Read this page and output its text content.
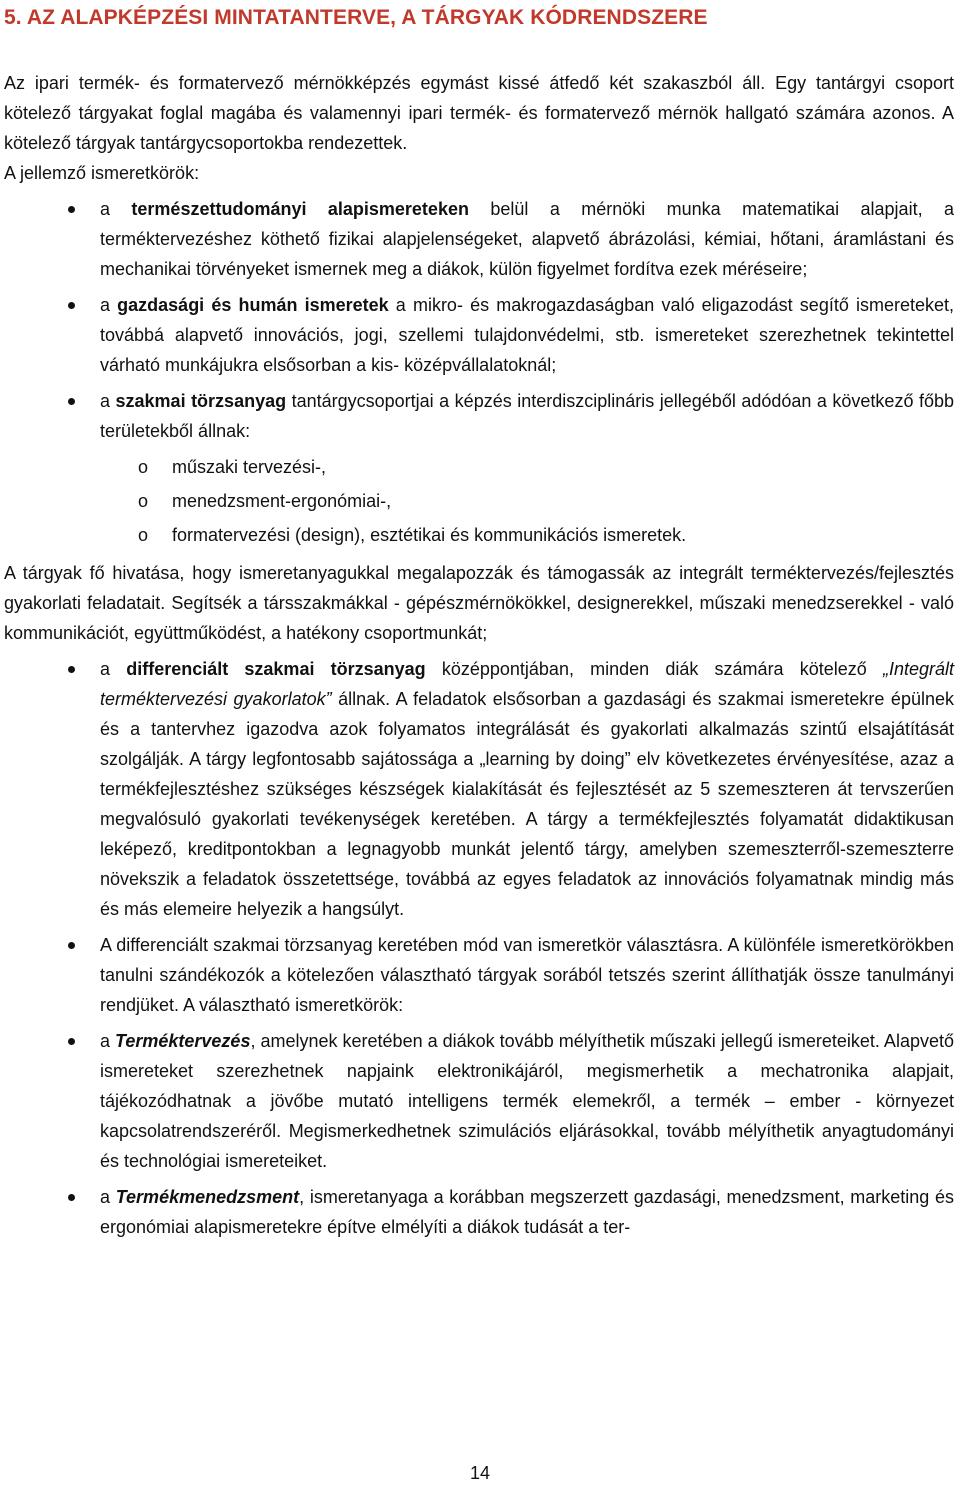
5. AZ ALAPKÉPZÉSI MINTATANTERVE, A TÁRGYAK KÓDRENDSZERE

Az ipari termék- és formatervező mérnökképzés egymást kissé átfedő két szakaszból áll. Egy tantárgyi csoport kötelező tárgyakat foglal magába és valamennyi ipari termék- és formatervező mérnök hallgató számára azonos. A kötelező tárgyak tantárgycsoportokba rendezettek.

A jellemző ismeretkörök:

a természettudományi alapismereteken belül a mérnöki munka matematikai alapjait, a terméktervezéshez köthető fizikai alapjelenségeket, alapvető ábrázolási, kémiai, hőtani, áramlástani és mechanikai törvényeket ismernek meg a diákok, külön figyelmet fordítva ezek méréseire;
a gazdasági és humán ismeretek a mikro- és makrogazdaságban való eligazodást segítő ismereteket, továbbá alapvető innovációs, jogi, szellemi tulajdonvédelmi, stb. ismereteket szerezhetnek tekintettel várható munkájukra elsősorban a kis- középvállalatoknál;
a szakmai törzsanyag tantárgycsoportjai a képzés interdiszciplináris jellegéből adódóan a következő főbb területekből állnak:
o műszaki tervezési-,
o menedzsment-ergonómiai-,
o formatervezési (design), esztétikai és kommunikációs ismeretek.

A tárgyak fő hivatása, hogy ismeretanyagukkal megalapozzák és támogassák az integrált terméktervezés/fejlesztés gyakorlati feladatait. Segítsék a társszakmákkal - gépészmérnökökkel, designerekkel, műszaki menedzserekkel - való kommunikációt, együttműködést, a hatékony csoportmunkát;

a differenciált szakmai törzsanyag középpontjában, minden diák számára kötelező „Integrált terméktervezési gyakorlatok” állnak. A feladatok elsősorban a gazdasági és szakmai ismeretekre épülnek és a tantervhez igazodva azok folyamatos integrálását és gyakorlati alkalmazás szintű elsajátítását szolgálják. A tárgy legfontosabb sajátossága a „learning by doing” elv következetes érvényesítése, azaz a termékfejlesztéshez szükséges készségek kialakítását és fejlesztését az 5 szemeszteren át tervszerűen megvalósuló gyakorlati tevékenységek keretében. A tárgy a termékfejlesztés folyamatát didaktikusan leképező, kreditpontokban a legnagyobb munkát jelentő tárgy, amelyben szemeszterről-szemeszterre növekszik a feladatok összetettsége, továbbá az egyes feladatok az innovációs folyamatnak mindig más és más elemeire helyezik a hangsúlyt.
A differenciált szakmai törzsanyag keretében mód van ismeretkör választásra. A különféle ismeretkörökben tanulni szándékozók a kötelezően választható tárgyak sorából tetszés szerint állíthatják össze tanulmányi rendjüket. A választható ismeretkörök:
a Terméktervezés, amelynek keretében a diákok tovább mélyíthetik műszaki jellegű ismereteiket. Alapvető ismereteket szerezhetnek napjaink elektronikájáról, megismerhetik a mechatronika alapjait, tájékozódhatnak a jövőbe mutató intelligens termék elemekről, a termék – ember - környezet kapcsolatrendszeréről. Megismerkedhetnek szimulációs eljárásokkal, tovább mélyíthetik anyagtudományi és technológiai ismereteiket.
a Termékmenedzsment, ismeretanyaga a korábban megszerzett gazdasági, menedzsment, marketing és ergonómiai alapismeretekre építve elmélyíti a diákok tudását a ter-
14
